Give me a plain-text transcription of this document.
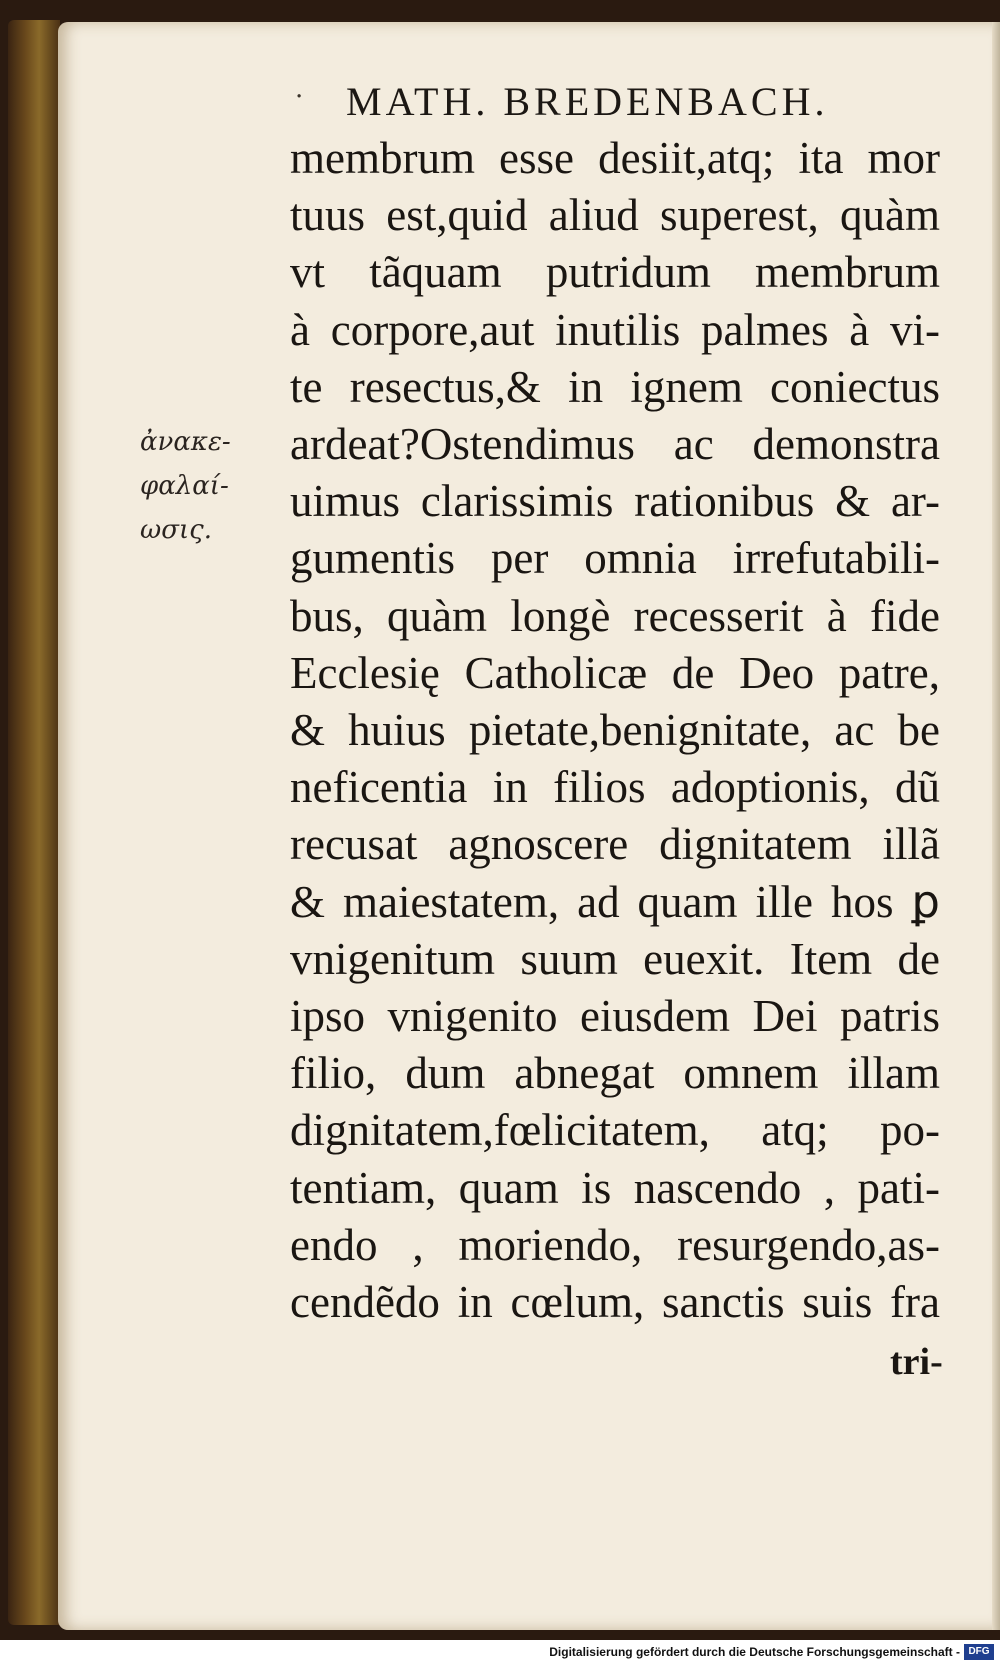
· MATH. BREDENBACH.
ἀνακε-
φαλαί-
ωσις.
membrum esse desiit,atq; ita mor
tuus est,quid aliud superest, quàm
vt tãquam putridum membrum
à corpore,aut inutilis palmes à vi-
te resectus,& in ignem coniectus
ardeat?Ostendimus ac demonstra
uimus clarissimis rationibus & ar-
gumentis per omnia irrefutabili-
bus, quàm longè recesserit à fide
Ecclesię Catholicæ de Deo patre,
& huius pietate,benignitate, ac be
neficentia in filios adoptionis, dũ
recusat agnoscere dignitatem illã
& maiestatem, ad quam ille hos ꝑ
vnigenitum suum euexit. Item de
ipso vnigenito eiusdem Dei patris
filio, dum abnegat omnem illam
dignitatem,fœlicitatem, atq; po-
tentiam, quam is nascendo , pati-
endo , moriendo, resurgendo,as-
cendẽdo in cœlum, sanctis suis fra
tri-
Digitalisierung gefördert durch die Deutsche Forschungsgemeinschaft - DFG
